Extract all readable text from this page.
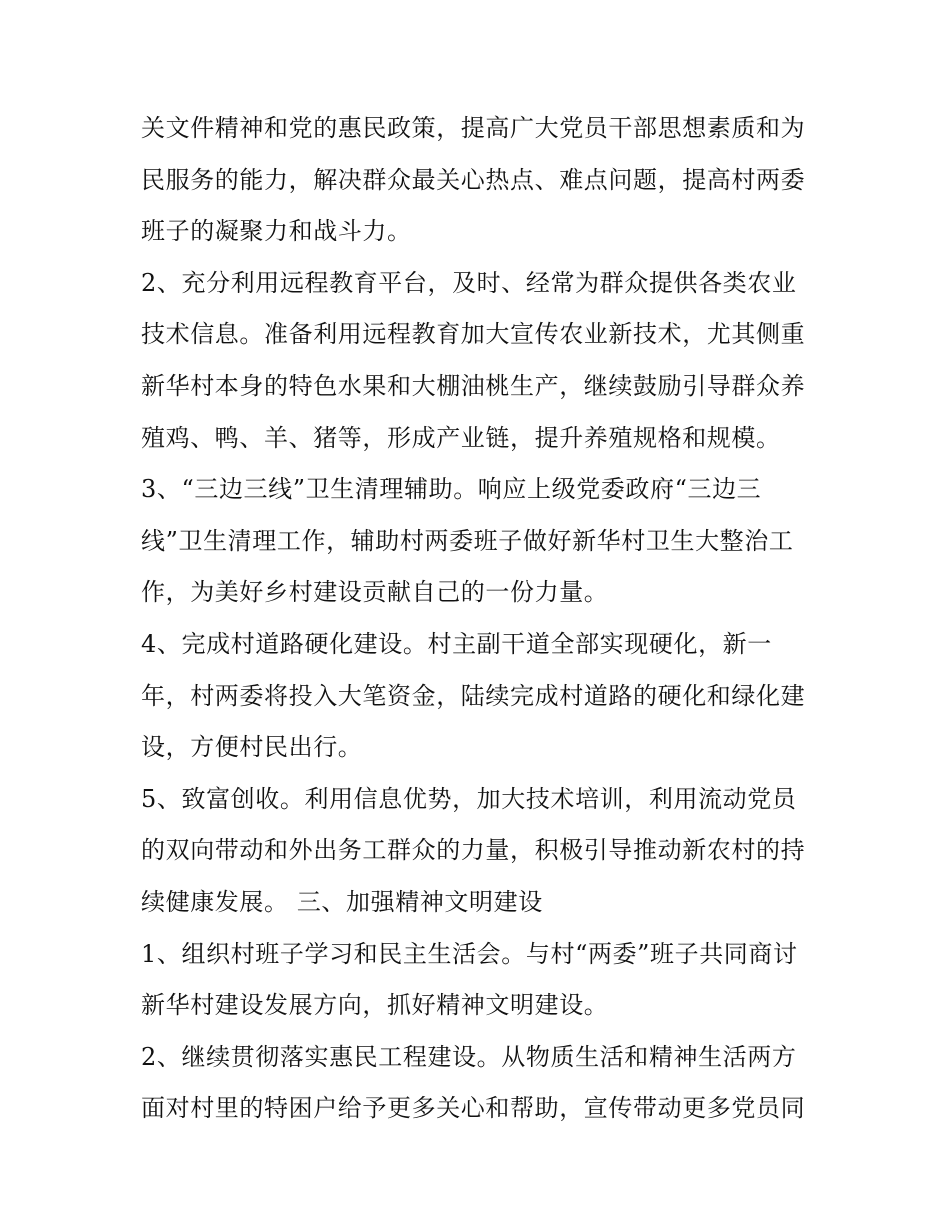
关文件精神和党的惠民政策，提高广大党员干部思想素质和为
民服务的能力，解决群众最关心热点、难点问题，提高村两委
班子的凝聚力和战斗力。
2、充分利用远程教育平台，及时、经常为群众提供各类农业
技术信息。准备利用远程教育加大宣传农业新技术，尤其侧重
新华村本身的特色水果和大棚油桃生产，继续鼓励引导群众养
殖鸡、鸭、羊、猪等，形成产业链，提升养殖规格和规模。
3、“三边三线”卫生清理辅助。响应上级党委政府“三边三
线”卫生清理工作，辅助村两委班子做好新华村卫生大整治工
作，为美好乡村建设贡献自己的一份力量。
4、完成村道路硬化建设。村主副干道全部实现硬化，新一
年，村两委将投入大笔资金，陆续完成村道路的硬化和绿化建
设，方便村民出行。
5、致富创收。利用信息优势，加大技术培训，利用流动党员
的双向带动和外出务工群众的力量，积极引导推动新农村的持
续健康发展。 三、加强精神文明建设
1、组织村班子学习和民主生活会。与村“两委”班子共同商讨
新华村建设发展方向，抓好精神文明建设。
2、继续贯彻落实惠民工程建设。从物质生活和精神生活两方
面对村里的特困户给予更多关心和帮助，宣传带动更多党员同
